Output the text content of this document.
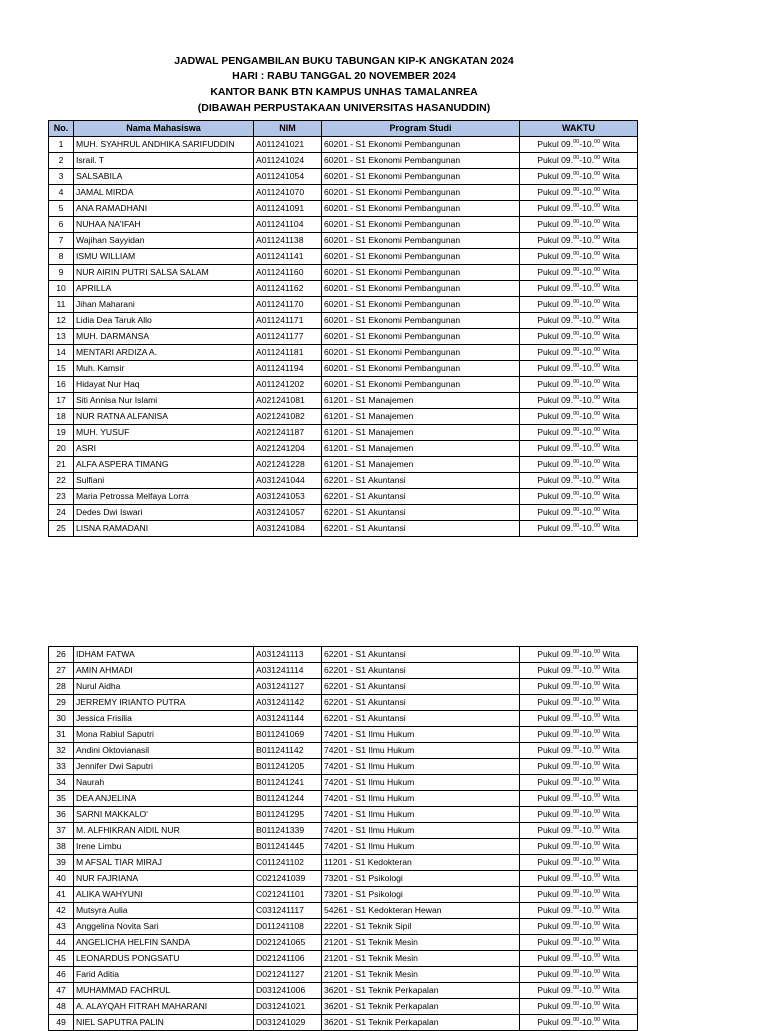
JADWAL PENGAMBILAN BUKU TABUNGAN KIP-K ANGKATAN 2024
HARI : RABU TANGGAL 20 NOVEMBER 2024
KANTOR BANK BTN KAMPUS UNHAS TAMALANREA
(DIBAWAH PERPUSTAKAAN UNIVERSITAS HASANUDDIN)
No.	Nama Mahasiswa	NIM	Program Studi	WAKTU
1	MUH. SYAHRUL ANDHIKA SARIFUDDIN	A011241021	60201 - S1 Ekonomi Pembangunan	Pukul 09.00-10.00 Wita
2	Israil. T	A011241024	60201 - S1 Ekonomi Pembangunan	Pukul 09.00-10.00 Wita
3	SALSABILA	A011241054	60201 - S1 Ekonomi Pembangunan	Pukul 09.00-10.00 Wita
4	JAMAL MIRDA	A011241070	60201 - S1 Ekonomi Pembangunan	Pukul 09.00-10.00 Wita
5	ANA RAMADHANI	A011241091	60201 - S1 Ekonomi Pembangunan	Pukul 09.00-10.00 Wita
6	NUHAA NA'IFAH	A011241104	60201 - S1 Ekonomi Pembangunan	Pukul 09.00-10.00 Wita
7	Wajihan Sayyidan	A011241138	60201 - S1 Ekonomi Pembangunan	Pukul 09.00-10.00 Wita
8	ISMU WILLIAM	A011241141	60201 - S1 Ekonomi Pembangunan	Pukul 09.00-10.00 Wita
9	NUR AIRIN PUTRI SALSA SALAM	A011241160	60201 - S1 Ekonomi Pembangunan	Pukul 09.00-10.00 Wita
10	APRILLA	A011241162	60201 - S1 Ekonomi Pembangunan	Pukul 09.00-10.00 Wita
11	Jihan Maharani	A011241170	60201 - S1 Ekonomi Pembangunan	Pukul 09.00-10.00 Wita
12	Lidia Dea Taruk Allo	A011241171	60201 - S1 Ekonomi Pembangunan	Pukul 09.00-10.00 Wita
13	MUH. DARMANSA	A011241177	60201 - S1 Ekonomi Pembangunan	Pukul 09.00-10.00 Wita
14	MENTARI ARDIZA A.	A011241181	60201 - S1 Ekonomi Pembangunan	Pukul 09.00-10.00 Wita
15	Muh. Kamsir	A011241194	60201 - S1 Ekonomi Pembangunan	Pukul 09.00-10.00 Wita
16	Hidayat Nur Haq	A011241202	60201 - S1 Ekonomi Pembangunan	Pukul 09.00-10.00 Wita
17	Siti Annisa Nur Islami	A021241081	61201 - S1 Manajemen	Pukul 09.00-10.00 Wita
18	NUR RATNA ALFANISA	A021241082	61201 - S1 Manajemen	Pukul 09.00-10.00 Wita
19	MUH. YUSUF	A021241187	61201 - S1 Manajemen	Pukul 09.00-10.00 Wita
20	ASRI	A021241204	61201 - S1 Manajemen	Pukul 09.00-10.00 Wita
21	ALFA ASPERA TIMANG	A021241228	61201 - S1 Manajemen	Pukul 09.00-10.00 Wita
22	Sulfiani	A031241044	62201 - S1 Akuntansi	Pukul 09.00-10.00 Wita
23	Maria Petrossa Melfaya Lorra	A031241053	62201 - S1 Akuntansi	Pukul 09.00-10.00 Wita
24	Dedes Dwi Iswari	A031241057	62201 - S1 Akuntansi	Pukul 09.00-10.00 Wita
25	LISNA RAMADANI	A031241084	62201 - S1 Akuntansi	Pukul 09.00-10.00 Wita
26	IDHAM FATWA	A031241113	62201 - S1 Akuntansi	Pukul 09.00-10.00 Wita
27	AMIN AHMADI	A031241114	62201 - S1 Akuntansi	Pukul 09.00-10.00 Wita
28	Nurul Aidha	A031241127	62201 - S1 Akuntansi	Pukul 09.00-10.00 Wita
29	JERREMY IRIANTO PUTRA	A031241142	62201 - S1 Akuntansi	Pukul 09.00-10.00 Wita
30	Jessica Frisilia	A031241144	62201 - S1 Akuntansi	Pukul 09.00-10.00 Wita
31	Mona Rabiul Saputri	B011241069	74201 - S1 Ilmu Hukum	Pukul 09.00-10.00 Wita
32	Andini Oktovianasil	B011241142	74201 - S1 Ilmu Hukum	Pukul 09.00-10.00 Wita
33	Jennifer Dwi Saputri	B011241205	74201 - S1 Ilmu Hukum	Pukul 09.00-10.00 Wita
34	Naurah	B011241241	74201 - S1 Ilmu Hukum	Pukul 09.00-10.00 Wita
35	DEA ANJELINA	B011241244	74201 - S1 Ilmu Hukum	Pukul 09.00-10.00 Wita
36	SARNI MAKKALO'	B011241295	74201 - S1 Ilmu Hukum	Pukul 09.00-10.00 Wita
37	M. ALFHIKRAN AIDIL NUR	B011241339	74201 - S1 Ilmu Hukum	Pukul 09.00-10.00 Wita
38	Irene Limbu	B011241445	74201 - S1 Ilmu Hukum	Pukul 09.00-10.00 Wita
39	M AFSAL TIAR MIRAJ	C011241102	11201 - S1 Kedokteran	Pukul 09.00-10.00 Wita
40	NUR FAJRIANA	C021241039	73201 - S1 Psikologi	Pukul 09.00-10.00 Wita
41	ALIKA WAHYUNI	C021241101	73201 - S1 Psikologi	Pukul 09.00-10.00 Wita
42	Mutsyra Aulia	C031241117	54261 - S1 Kedokteran Hewan	Pukul 09.00-10.00 Wita
43	Anggelina Novita Sari	D011241108	22201 - S1 Teknik Sipil	Pukul 09.00-10.00 Wita
44	ANGELICHA HELFIN SANDA	D021241065	21201 - S1 Teknik Mesin	Pukul 09.00-10.00 Wita
45	LEONARDUS PONGSATU	D021241106	21201 - S1 Teknik Mesin	Pukul 09.00-10.00 Wita
46	Farid Aditia	D021241127	21201 - S1 Teknik Mesin	Pukul 09.00-10.00 Wita
47	MUHAMMAD FACHRUL	D031241006	36201 - S1 Teknik Perkapalan	Pukul 09.00-10.00 Wita
48	A. ALAYQAH FITRAH MAHARANI	D031241021	36201 - S1 Teknik Perkapalan	Pukul 09.00-10.00 Wita
49	NIEL SAPUTRA PALIN	D031241029	36201 - S1 Teknik Perkapalan	Pukul 09.00-10.00 Wita
